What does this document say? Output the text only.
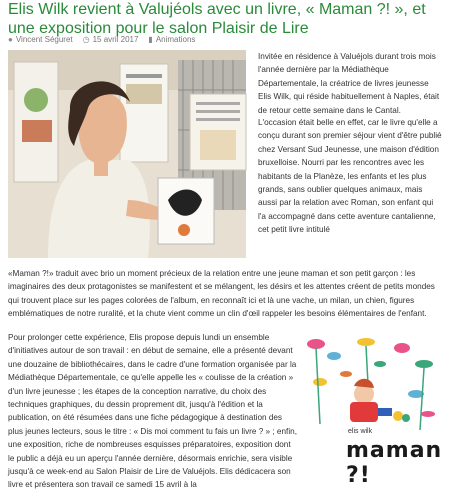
Elis Wilk revient à Valujéols avec un livre, « Maman ?! », et une exposition pour le salon Plaisir de Lire
● Vincent Séguret ◷ 15 avril 2017 ▮ Animations

Invitée en résidence à Valuéjols durant trois mois l'année dernière par la Médiathèque Départementale, la créatrice de livres jeunesse Elis Wilk, qui réside habituellement à Naples, était de retour cette semaine dans le Cantal.

L'occasion était belle en effet, car le livre qu'elle a conçu durant son premier séjour vient d'être publié chez Versant Sud Jeunesse, une maison d'édition bruxelloise. Nourri par les rencontres avec les habitants de la Planèze, les enfants et les plus grands, sans oublier quelques animaux, mais aussi par la relation avec Roman, son enfant qui l'a accompagné dans cette aventure cantalienne, cet petit livre intitulé

«Maman ?!» traduit avec brio un moment précieux de la relation entre une jeune maman et son petit garçon : les imaginaires des deux protagonistes se manifestent et se mélangent, les désirs et les attentes créent de petits mondes qui trouvent place sur les pages colorées de l'album, en reconnaît ici et là une vache, un milan, un chien, figures emblématiques de notre ruralité, et la chute vient comme un clin d'œil rappeler les besoins élémentaires de l'enfant.

Pour prolonger cette expérience, Elis propose depuis lundi un ensemble d'initiatives autour de son travail : en début de semaine, elle a présenté devant une douzaine de bibliothécaires, dans le cadre d'une formation organisée par la Médiathèque Départementale, ce qu'elle appelle les « coulisse de la création » d'un livre jeunesse ; les étapes de la conception narrative, du choix des techniques graphiques, du dessin proprement dit, jusqu'à l'édition et la publication, on été résumées dans une fiche pédagogique à destination des plus jeunes lecteurs, sous le titre : « Dis moi comment tu fais un livre ? » ; enfin, une exposition, riche de nombreuses esquisses préparatoires, exposition dont le public a déjà eu un aperçu l'année dernière, désormais enrichie, sera visible jusqu'à ce week-end au Salon Plaisir de Lire de Valuéjols. Elis dédicacera son livre et présentera son travail ce samedi 15 avril à la

elis wilk
maman ?!
